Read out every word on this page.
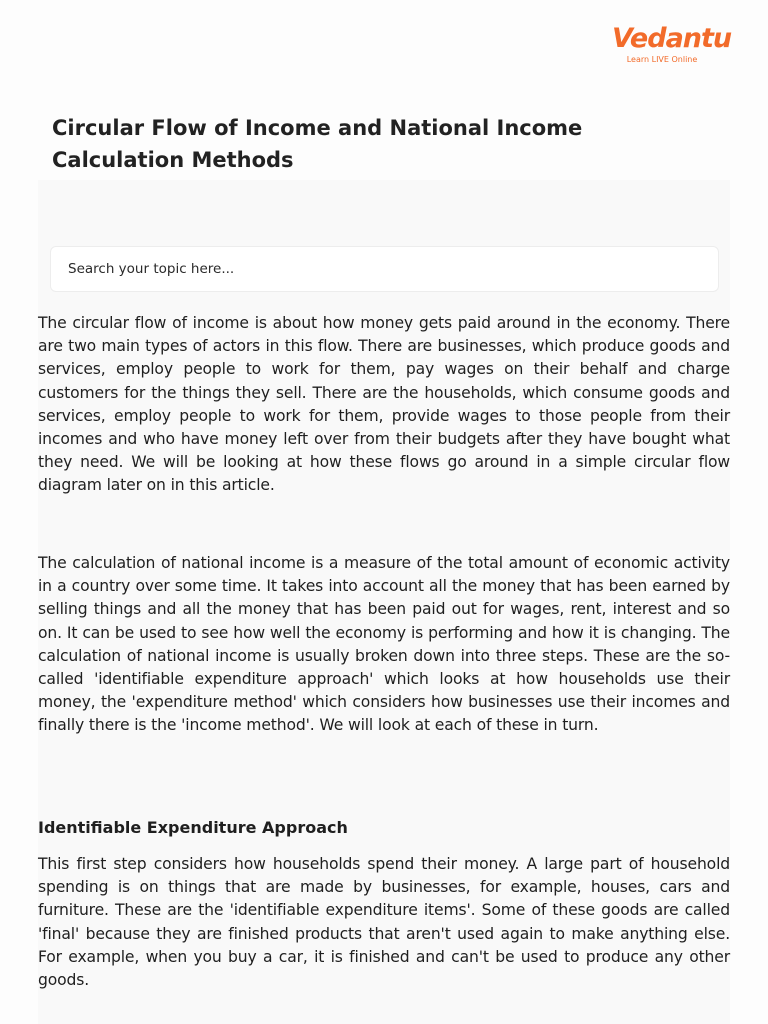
Vedantu
Learn LIVE Online
Circular Flow of Income and National Income Calculation Methods
Search your topic here...

The circular flow of income is about how money gets paid around in the economy. There are two main types of actors in this flow. There are businesses, which produce goods and services, employ people to work for them, pay wages on their behalf and charge customers for the things they sell. There are the households, which consume goods and services, employ people to work for them, provide wages to those people from their incomes and who have money left over from their budgets after they have bought what they need. We will be looking at how these flows go around in a simple circular flow diagram later on in this article.

The calculation of national income is a measure of the total amount of economic activity in a country over some time. It takes into account all the money that has been earned by selling things and all the money that has been paid out for wages, rent, interest and so on. It can be used to see how well the economy is performing and how it is changing. The calculation of national income is usually broken down into three steps. These are the so-called 'identifiable expenditure approach' which looks at how households use their money, the 'expenditure method' which considers how businesses use their incomes and finally there is the 'income method'. We will look at each of these in turn.

Identifiable Expenditure Approach

This first step considers how households spend their money. A large part of household spending is on things that are made by businesses, for example, houses, cars and furniture. These are the 'identifiable expenditure items'. Some of these goods are called 'final' because they are finished products that aren't used again to make anything else. For example, when you buy a car, it is finished and can't be used to produce any other goods.
